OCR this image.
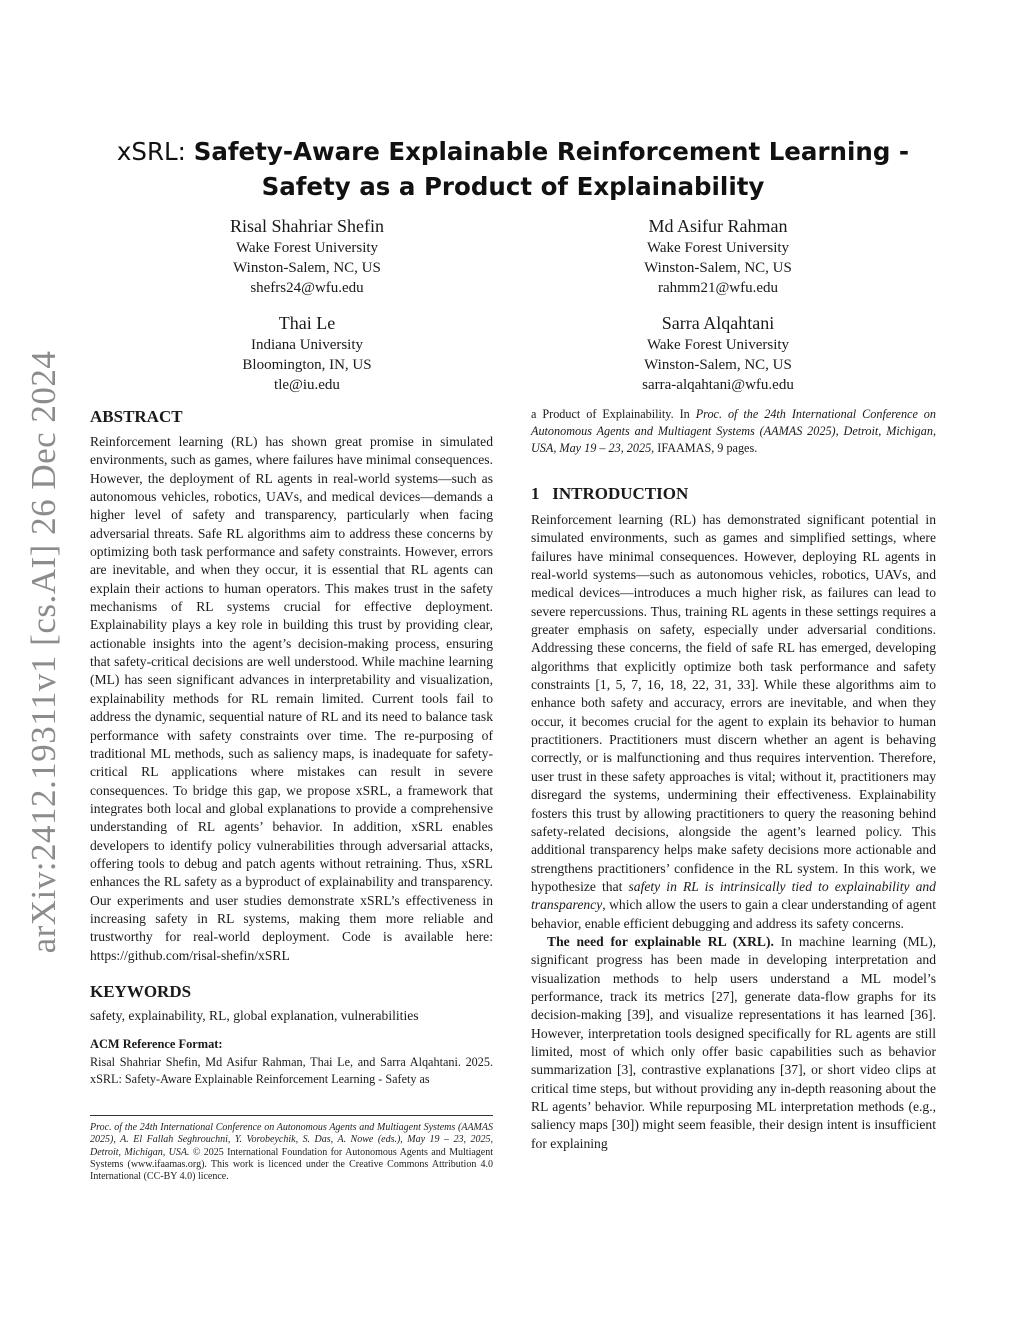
arXiv:2412.19311v1 [cs.AI] 26 Dec 2024
xSRL: Safety-Aware Explainable Reinforcement Learning -
Safety as a Product of Explainability
Risal Shahriar Shefin
Wake Forest University
Winston-Salem, NC, US
shefrs24@wfu.edu
Md Asifur Rahman
Wake Forest University
Winston-Salem, NC, US
rahmm21@wfu.edu
Thai Le
Indiana University
Bloomington, IN, US
tle@iu.edu
Sarra Alqahtani
Wake Forest University
Winston-Salem, NC, US
sarra-alqahtani@wfu.edu
ABSTRACT

Reinforcement learning (RL) has shown great promise in simulated environments, such as games, where failures have minimal consequences. However, the deployment of RL agents in real-world systems—such as autonomous vehicles, robotics, UAVs, and medical devices—demands a higher level of safety and transparency, particularly when facing adversarial threats. Safe RL algorithms aim to address these concerns by optimizing both task performance and safety constraints. However, errors are inevitable, and when they occur, it is essential that RL agents can explain their actions to human operators. This makes trust in the safety mechanisms of RL systems crucial for effective deployment. Explainability plays a key role in building this trust by providing clear, actionable insights into the agent’s decision-making process, ensuring that safety-critical decisions are well understood. While machine learning (ML) has seen significant advances in interpretability and visualization, explainability methods for RL remain limited. Current tools fail to address the dynamic, sequential nature of RL and its need to balance task performance with safety constraints over time. The re-purposing of traditional ML methods, such as saliency maps, is inadequate for safety-critical RL applications where mistakes can result in severe consequences. To bridge this gap, we propose xSRL, a framework that integrates both local and global explanations to provide a comprehensive understanding of RL agents’ behavior. In addition, xSRL enables developers to identify policy vulnerabilities through adversarial attacks, offering tools to debug and patch agents without retraining. Thus, xSRL enhances the RL safety as a byproduct of explainability and transparency. Our experiments and user studies demonstrate xSRL’s effectiveness in increasing safety in RL systems, making them more reliable and trustworthy for real-world deployment. Code is available here: https://github.com/risal-shefin/xSRL

KEYWORDS

safety, explainability, RL, global explanation, vulnerabilities

ACM Reference Format:

Risal Shahriar Shefin, Md Asifur Rahman, Thai Le, and Sarra Alqahtani. 2025. xSRL: Safety-Aware Explainable Reinforcement Learning - Safety as

Proc. of the 24th International Conference on Autonomous Agents and Multiagent Systems (AAMAS 2025), A. El Fallah Seghrouchni, Y. Vorobeychik, S. Das, A. Nowe (eds.), May 19 – 23, 2025, Detroit, Michigan, USA. © 2025 International Foundation for Autonomous Agents and Multiagent Systems (www.ifaamas.org). This work is licenced under the Creative Commons Attribution 4.0 International (CC-BY 4.0) licence.

a Product of Explainability. In Proc. of the 24th International Conference on Autonomous Agents and Multiagent Systems (AAMAS 2025), Detroit, Michigan, USA, May 19 – 23, 2025, IFAAMAS, 9 pages.

1   INTRODUCTION

Reinforcement learning (RL) has demonstrated significant potential in simulated environments, such as games and simplified settings, where failures have minimal consequences. However, deploying RL agents in real-world systems—such as autonomous vehicles, robotics, UAVs, and medical devices—introduces a much higher risk, as failures can lead to severe repercussions. Thus, training RL agents in these settings requires a greater emphasis on safety, especially under adversarial conditions. Addressing these concerns, the field of safe RL has emerged, developing algorithms that explicitly optimize both task performance and safety constraints [1, 5, 7, 16, 18, 22, 31, 33]. While these algorithms aim to enhance both safety and accuracy, errors are inevitable, and when they occur, it becomes crucial for the agent to explain its behavior to human practitioners. Practitioners must discern whether an agent is behaving correctly, or is malfunctioning and thus requires intervention. Therefore, user trust in these safety approaches is vital; without it, practitioners may disregard the systems, undermining their effectiveness. Explainability fosters this trust by allowing practitioners to query the reasoning behind safety-related decisions, alongside the agent’s learned policy. This additional transparency helps make safety decisions more actionable and strengthens practitioners’ confidence in the RL system. In this work, we hypothesize that safety in RL is intrinsically tied to explainability and transparency, which allow the users to gain a clear understanding of agent behavior, enable efficient debugging and address its safety concerns.

The need for explainable RL (XRL). In machine learning (ML), significant progress has been made in developing interpretation and visualization methods to help users understand a ML model’s performance, track its metrics [27], generate data-flow graphs for its decision-making [39], and visualize representations it has learned [36]. However, interpretation tools designed specifically for RL agents are still limited, most of which only offer basic capabilities such as behavior summarization [3], contrastive explanations [37], or short video clips at critical time steps, but without providing any in-depth reasoning about the RL agents’ behavior. While repurposing ML interpretation methods (e.g., saliency maps [30]) might seem feasible, their design intent is insufficient for explaining
